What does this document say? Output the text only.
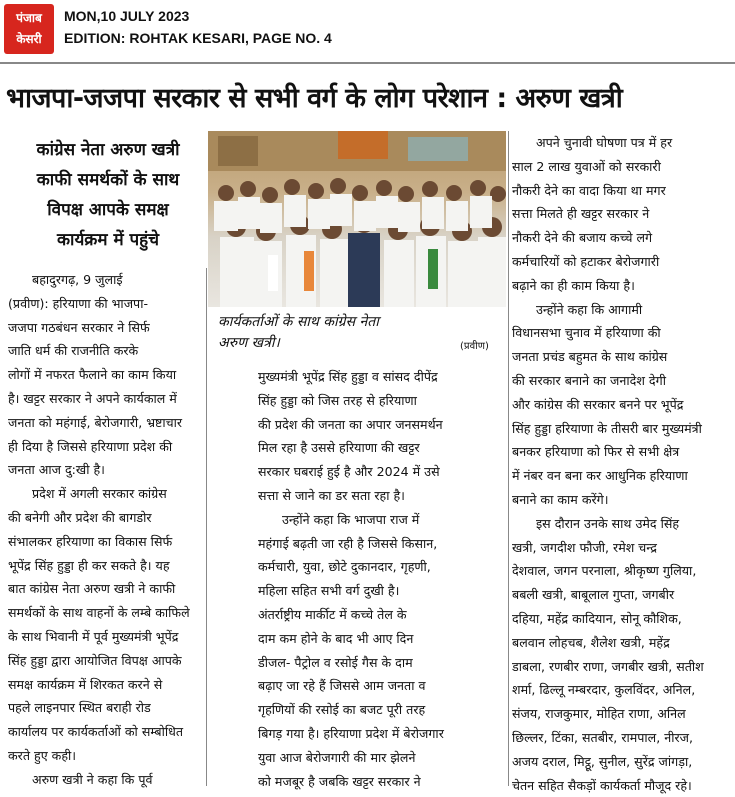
पंजाब
केसरी
MON,10 JULY 2023
EDITION: ROHTAK KESARI, PAGE NO. 4
भाजपा-जजपा सरकार से सभी वर्ग के लोग परेशान : अरुण खत्री
कांग्रेस नेता अरुण खत्री
काफी समर्थकों के साथ
विपक्ष आपके समक्ष
कार्यक्रम में पहुंचे
कार्यकर्ताओं के साथ कांग्रेस नेता
अरुण खत्री।	(प्रवीण)

बहादुरगढ़, 9 जुलाई

(प्रवीण): हरियाणा की भाजपा-

जजपा गठबंधन सरकार ने सिर्फ

जाति धर्म की राजनीति करके

लोगों में नफरत फैलाने का काम किया

है। खट्टर सरकार ने अपने कार्यकाल में

जनता को महंगाई, बेरोजगारी, भ्रष्टाचार

ही दिया है जिससे हरियाणा प्रदेश की

जनता आज दु:खी है।

प्रदेश में अगली सरकार कांग्रेस

की बनेगी और प्रदेश की बागडोर

संभालकर हरियाणा का विकास सिर्फ

भूपेंद्र सिंह हुड्डा ही कर सकते है। यह

बात कांग्रेस नेता अरुण खत्री ने काफी

समर्थकों के साथ वाहनों के लम्बे काफिले

के साथ भिवानी में पूर्व मुख्यमंत्री भूपेंद्र

सिंह हुड्डा द्वारा आयोजित विपक्ष आपके

समक्ष कार्यक्रम में शिरकत करने से

पहले लाइनपार स्थित बराही रोड

कार्यालय पर कार्यकर्ताओं को सम्बोधित

करते हुए कही।

अरुण खत्री ने कहा कि पूर्व

मुख्यमंत्री भूपेंद्र सिंह हुड्डा व सांसद दीपेंद्र

सिंह हुड्डा को जिस तरह से हरियाणा

की प्रदेश की जनता का अपार जनसमर्थन

मिल रहा है उससे हरियाणा की खट्टर

सरकार घबराई हुई है और 2024 में उसे

सत्ता से जाने का डर सता रहा है।

उन्होंने कहा कि भाजपा राज में

महंगाई बढ़ती जा रही है जिससे किसान,

कर्मचारी, युवा, छोटे दुकानदार, गृहणी,

महिला सहित सभी वर्ग दुखी है।

अंतर्राष्ट्रीय मार्कीट में कच्चे तेल के

दाम कम होने के बाद भी आए दिन

डीजल- पैट्रोल व रसोई गैस के दाम

बढ़ाए जा रहे हैं जिससे आम जनता व

गृहणियों की रसोई का बजट पूरी तरह

बिगड़ गया है। हरियाणा प्रदेश में बेरोजगार

युवा आज बेरोजगारी की मार झेलने

को मजबूर है जबकि खट्टर सरकार ने

अपने चुनावी घोषणा पत्र में हर

साल 2 लाख युवाओं को सरकारी

नौकरी देने का वादा किया था मगर

सत्ता मिलते ही खट्टर सरकार ने

नौकरी देने की बजाय कच्चे लगे

कर्मचारियों को हटाकर बेरोजगारी

बढ़ाने का ही काम किया है।

उन्होंने कहा कि आगामी

विधानसभा चुनाव में हरियाणा की

जनता प्रचंड बहुमत के साथ कांग्रेस

की सरकार बनाने का जनादेश देगी

और कांग्रेस की सरकार बनने पर भूपेंद्र

सिंह हुड्डा हरियाणा के तीसरी बार मुख्यमंत्री

बनकर हरियाणा को फिर से सभी क्षेत्र

में नंबर वन बना कर आधुनिक हरियाणा

बनाने का काम करेंगे।

इस दौरान उनके साथ उमेद सिंह

खत्री, जगदीश फौजी, रमेश चन्द्र

देशवाल, जगन परनाला, श्रीकृष्ण गुलिया,

बबली खत्री, बाबूलाल गुप्ता, जगबीर

दहिया, महेंद्र कादियान, सोनू कौशिक,

बलवान लोहचब, शैलेश खत्री, महेंद्र

डाबला, रणबीर राणा, जगबीर खत्री, सतीश

शर्मा, ढिल्लू नम्बरदार, कुलविंदर, अनिल,

संजय, राजकुमार, मोहित राणा, अनिल

छिल्लर, टिंका, सतबीर, रामपाल, नीरज,

अजय दराल, मिट्ठू, सुनील, सुरेंद्र जांगड़ा,

चेतन सहित सैकड़ों कार्यकर्ता मौजूद रहे।
